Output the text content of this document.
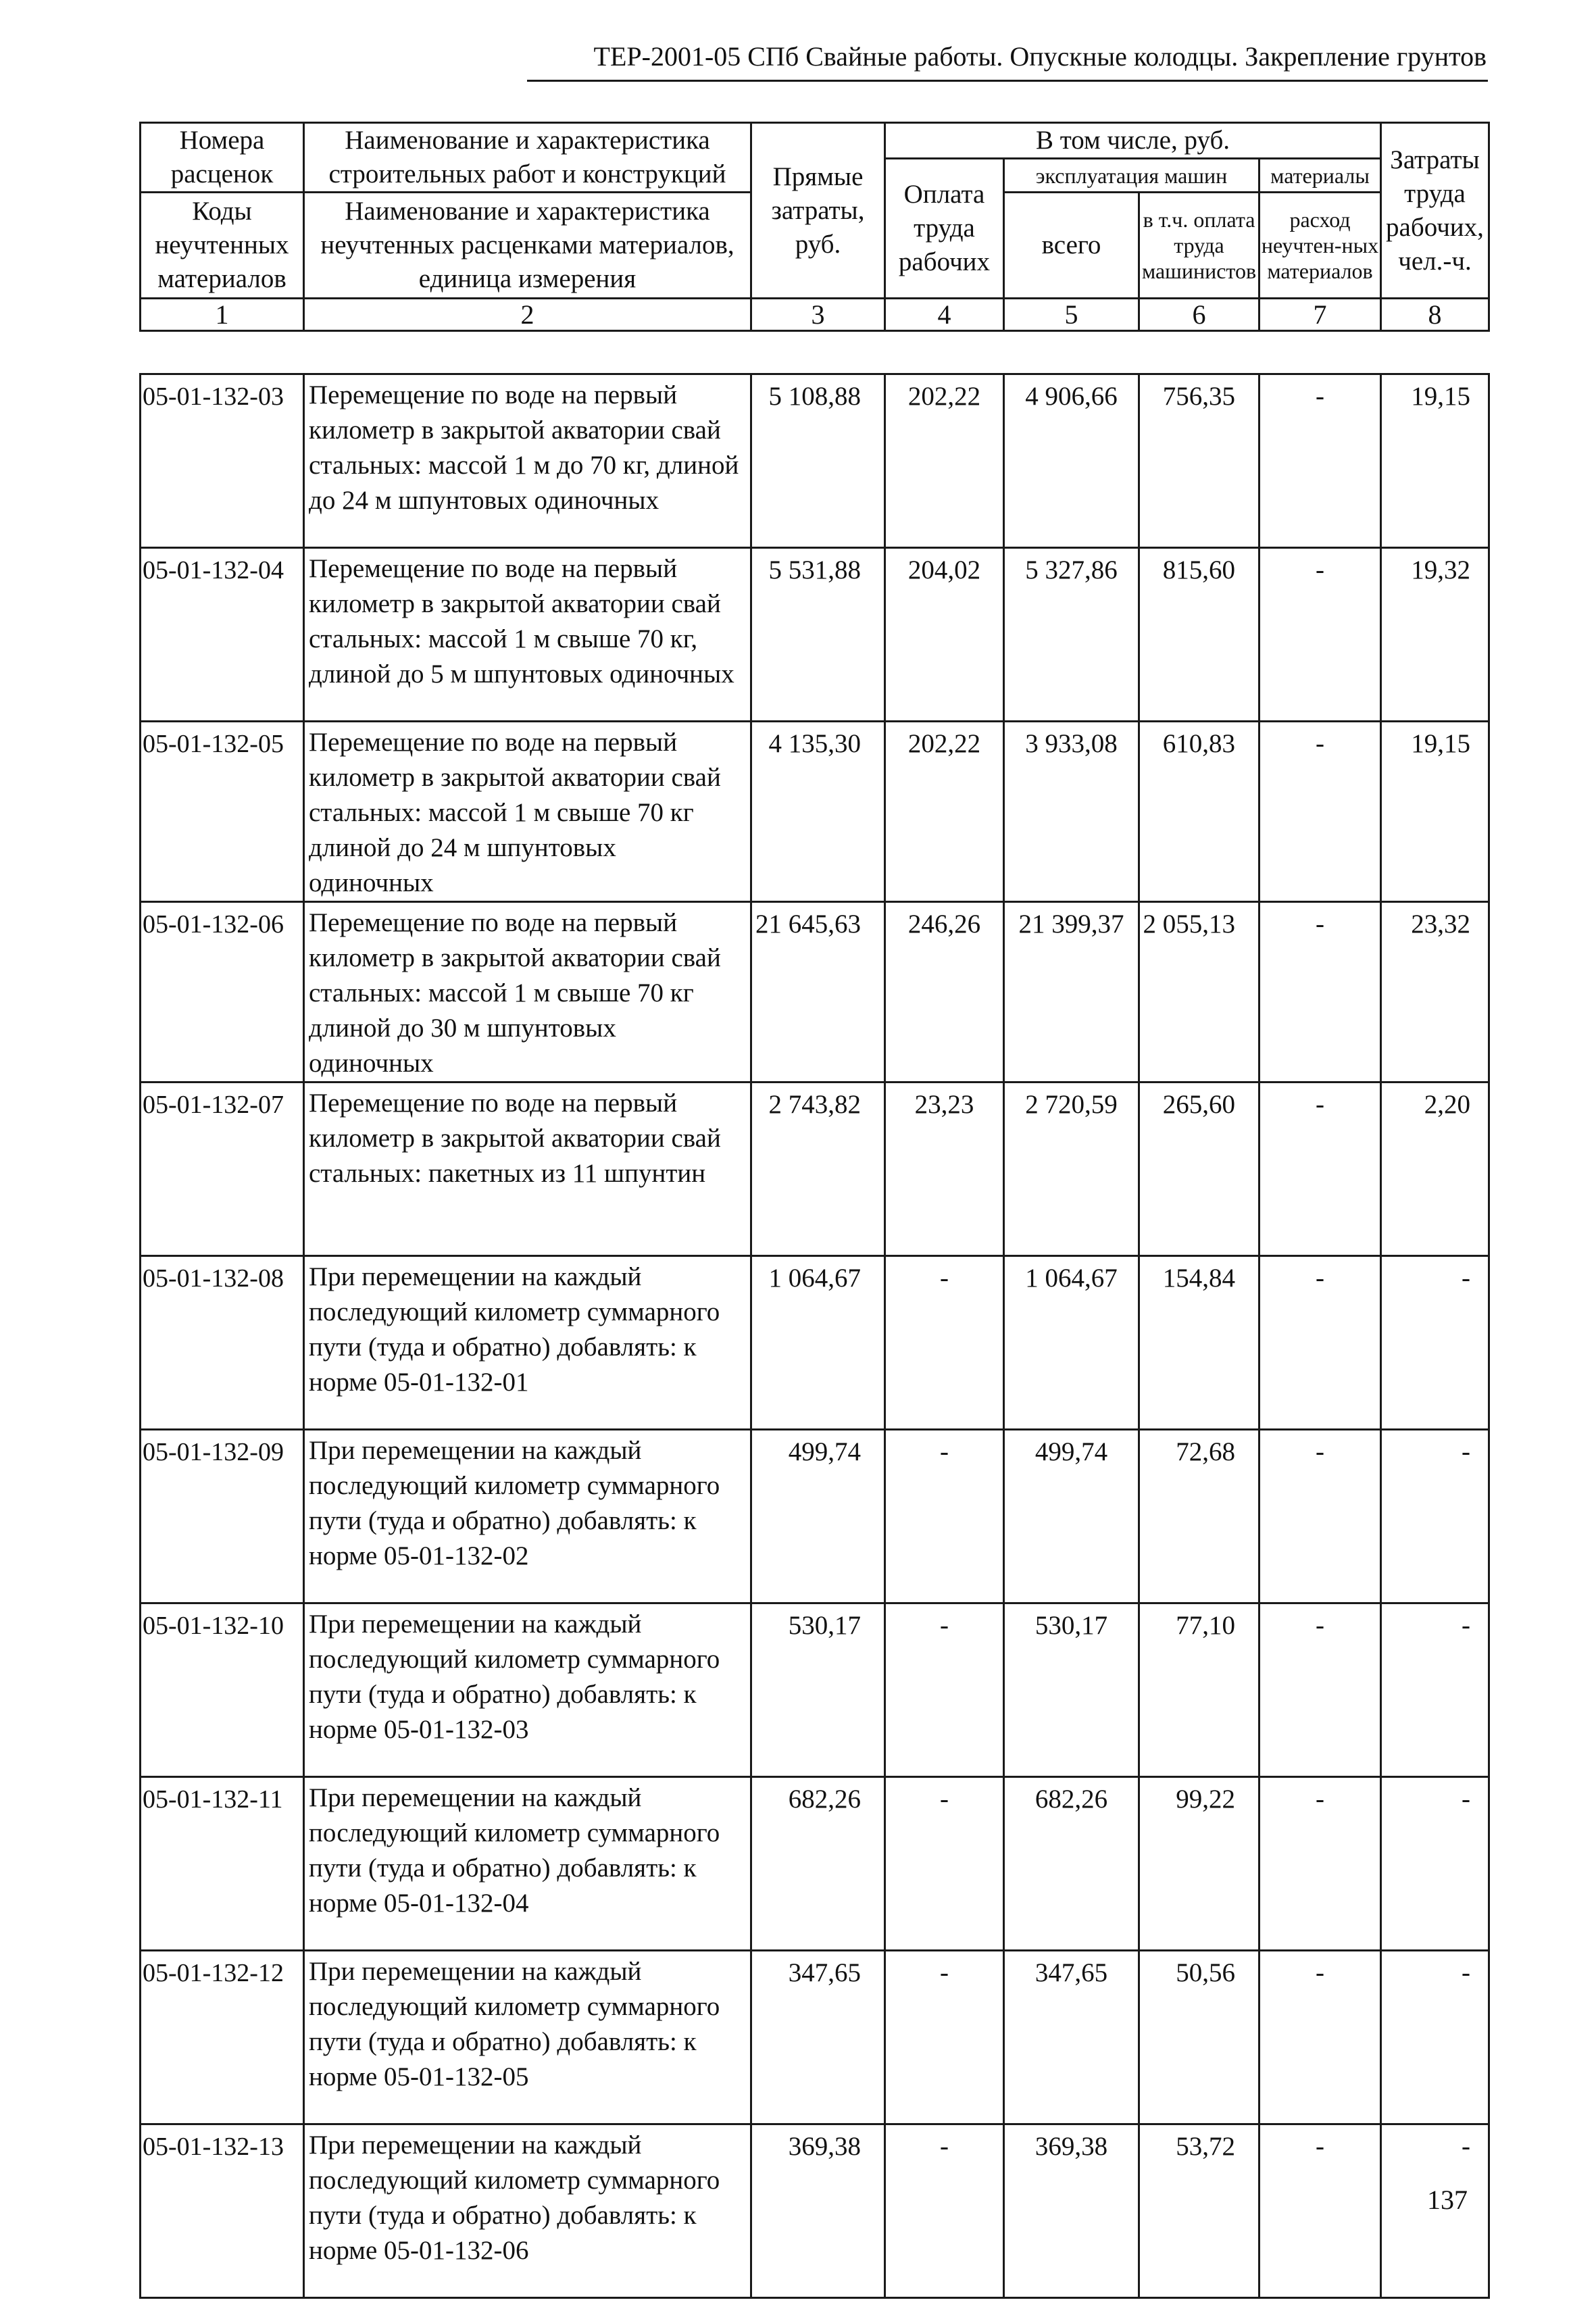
ТЕР-2001-05 СПб Свайные работы. Опускные колодцы. Закрепление грунтов
Номера расценок	Наименование и характеристика строительных работ и конструкций	Прямые затраты, руб.	В том числе, руб.				Затраты труда рабочих, чел.-ч.
			Оплата труда рабочих	эксплуатация машин		материалы	
Коды неучтенных материалов	Наименование и характеристика неучтенных расценками материалов, единица измерения			всего	в т.ч. оплата труда машинистов	расход неучтен-ных материалов	

1	2	3	4	5	6	7	8
05-01-132-03	Перемещение по воде на первый километр в закрытой акватории свай стальных: массой 1 м до 70 кг, длиной до 24 м шпунтовых одиночных	5 108,88	202,22	4 906,66	756,35	-	19,15
05-01-132-04	Перемещение по воде на первый километр в закрытой акватории свай стальных: массой 1 м свыше 70 кг, длиной до 5 м шпунтовых одиночных	5 531,88	204,02	5 327,86	815,60	-	19,32
05-01-132-05	Перемещение по воде на первый километр в закрытой акватории свай стальных: массой 1 м свыше 70 кг длиной до 24 м шпунтовых одиночных	4 135,30	202,22	3 933,08	610,83	-	19,15
05-01-132-06	Перемещение по воде на первый километр в закрытой акватории свай стальных: массой 1 м свыше 70 кг длиной до 30 м шпунтовых одиночных	21 645,63	246,26	21 399,37	2 055,13	-	23,32
05-01-132-07	Перемещение по воде на первый километр в закрытой акватории свай стальных: пакетных из 11 шпунтин	2 743,82	23,23	2 720,59	265,60	-	2,20
05-01-132-08	При перемещении на каждый последующий километр суммарного пути (туда и обратно) добавлять: к норме 05-01-132-01	1 064,67	-	1 064,67	154,84	-	-
05-01-132-09	При перемещении на каждый последующий километр суммарного пути (туда и обратно) добавлять: к норме 05-01-132-02	499,74	-	499,74	72,68	-	-
05-01-132-10	При перемещении на каждый последующий километр суммарного пути (туда и обратно) добавлять: к норме 05-01-132-03	530,17	-	530,17	77,10	-	-
05-01-132-11	При перемещении на каждый последующий километр суммарного пути (туда и обратно) добавлять: к норме 05-01-132-04	682,26	-	682,26	99,22	-	-
05-01-132-12	При перемещении на каждый последующий километр суммарного пути (туда и обратно) добавлять: к норме 05-01-132-05	347,65	-	347,65	50,56	-	-
05-01-132-13	При перемещении на каждый последующий километр суммарного пути (туда и обратно) добавлять: к норме 05-01-132-06	369,38	-	369,38	53,72	-	-
137
